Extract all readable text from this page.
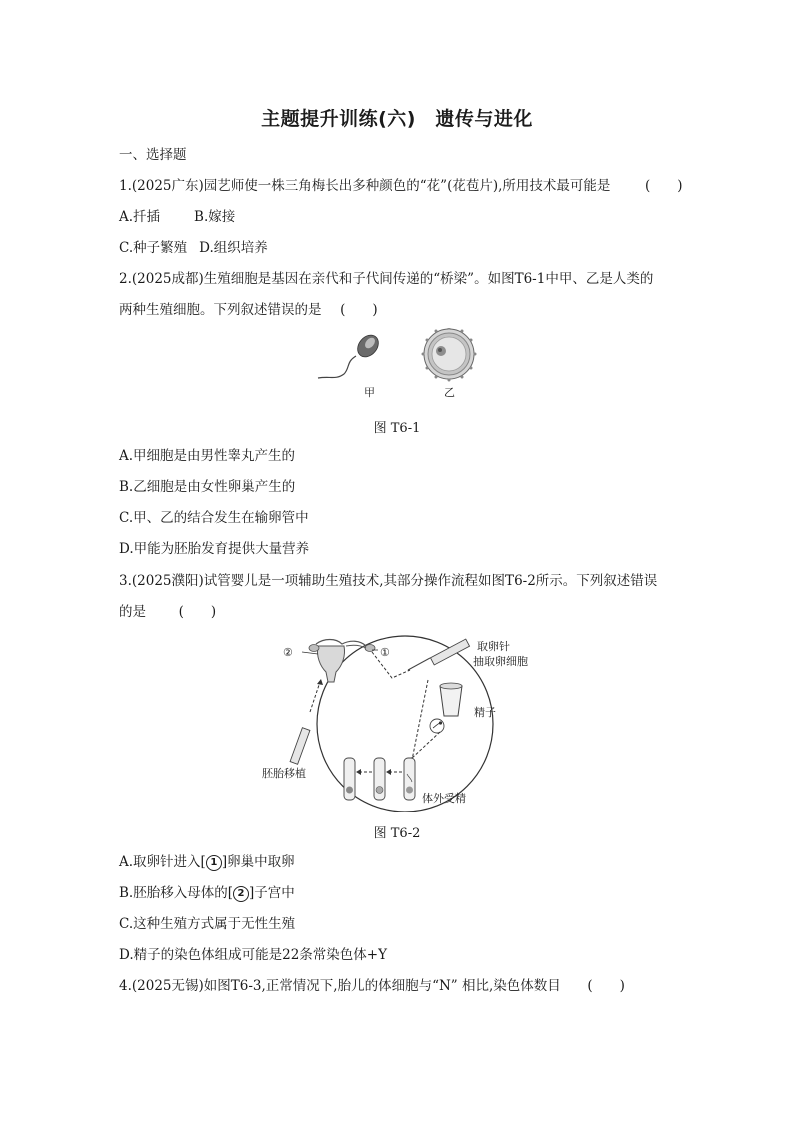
主题提升训练(六)　遗传与进化
一、选择题
1.(2025广东)园艺师使一株三角梅长出多种颜色的“花”(花苞片),所用技术最可能是	(　　)
A.扦插	B.嫁接
C.种子繁殖 D.组织培养
2.(2025成都)生殖细胞是基因在亲代和子代间传递的“桥梁”。如图T6-1中甲、乙是人类的
两种生殖细胞。下列叙述错误的是 (　　)
甲	乙
图 T6-1
A.甲细胞是由男性睾丸产生的
B.乙细胞是由女性卵巢产生的
C.甲、乙的结合发生在输卵管中
D.甲能为胚胎发育提供大量营养
3.(2025濮阳)试管婴儿是一项辅助生殖技术,其部分操作流程如图T6-2所示。下列叙述错误
的是 (　　)
②	①	取卵针
抽取卵细胞
精子
胚胎移植
体外受精
图 T6-2
A.取卵针进入[ 1 ]卵巢中取卵
B.胚胎移入母体的[ 2 ]子宫中
C.这种生殖方式属于无性生殖
D.精子的染色体组成可能是22条常染色体+Y
4.(2025无锡)如图T6-3,正常情况下,胎儿的体细胞与“N” 相比,染色体数目 (　　)
